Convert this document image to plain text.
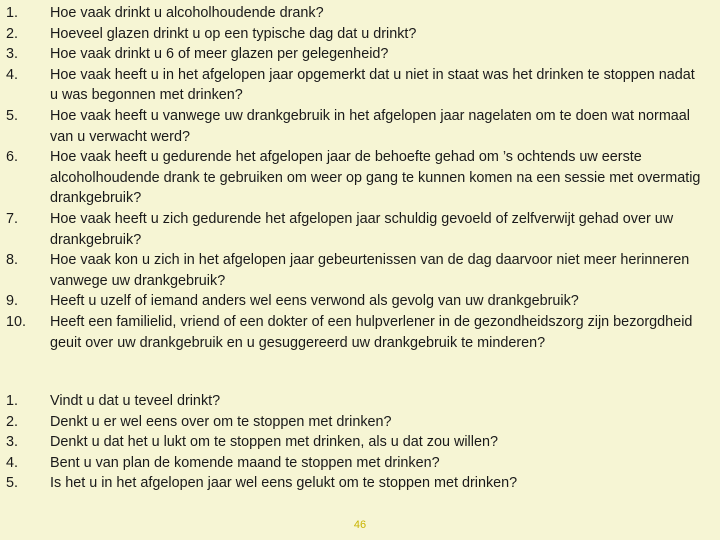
1.	Hoe vaak drinkt u alcoholhoudende drank?
2.	Hoeveel glazen drinkt u op een typische dag dat u drinkt?
3.	Hoe vaak drinkt u 6 of meer glazen per gelegenheid?
4.	Hoe vaak heeft u in het afgelopen jaar opgemerkt dat u niet in staat was het drinken te stoppen nadat u was begonnen met drinken?
5.	Hoe vaak heeft u vanwege uw drankgebruik in het afgelopen jaar nagelaten om te doen wat normaal van u verwacht werd?
6.	Hoe vaak heeft u gedurende het afgelopen jaar de behoefte gehad om ’s ochtends uw eerste alcoholhoudende drank te gebruiken om weer op gang te kunnen komen na een sessie met overmatig drankgebruik?
7.	Hoe vaak heeft u zich gedurende het afgelopen jaar schuldig gevoeld of zelfverwijt gehad over uw drankgebruik?
8.	Hoe vaak kon u zich in het afgelopen jaar gebeurtenissen van de dag daarvoor niet meer herinneren vanwege uw drankgebruik?
9.	Heeft u uzelf of iemand anders wel eens verwond als gevolg van uw drankgebruik?
10.	Heeft een familielid, vriend of een dokter of een hulpverlener in de gezondheidszorg zijn bezorgdheid geuit over uw drankgebruik en u gesuggereerd uw drankgebruik te minderen?
1.	Vindt u dat u teveel drinkt?
2.	Denkt u er wel eens over om te stoppen met drinken?
3.	Denkt u dat het u lukt om te stoppen met drinken, als u dat zou willen?
4.	Bent u van plan de komende maand te stoppen met drinken?
5.	Is het u in het afgelopen jaar wel eens gelukt om te stoppen met drinken?
46
